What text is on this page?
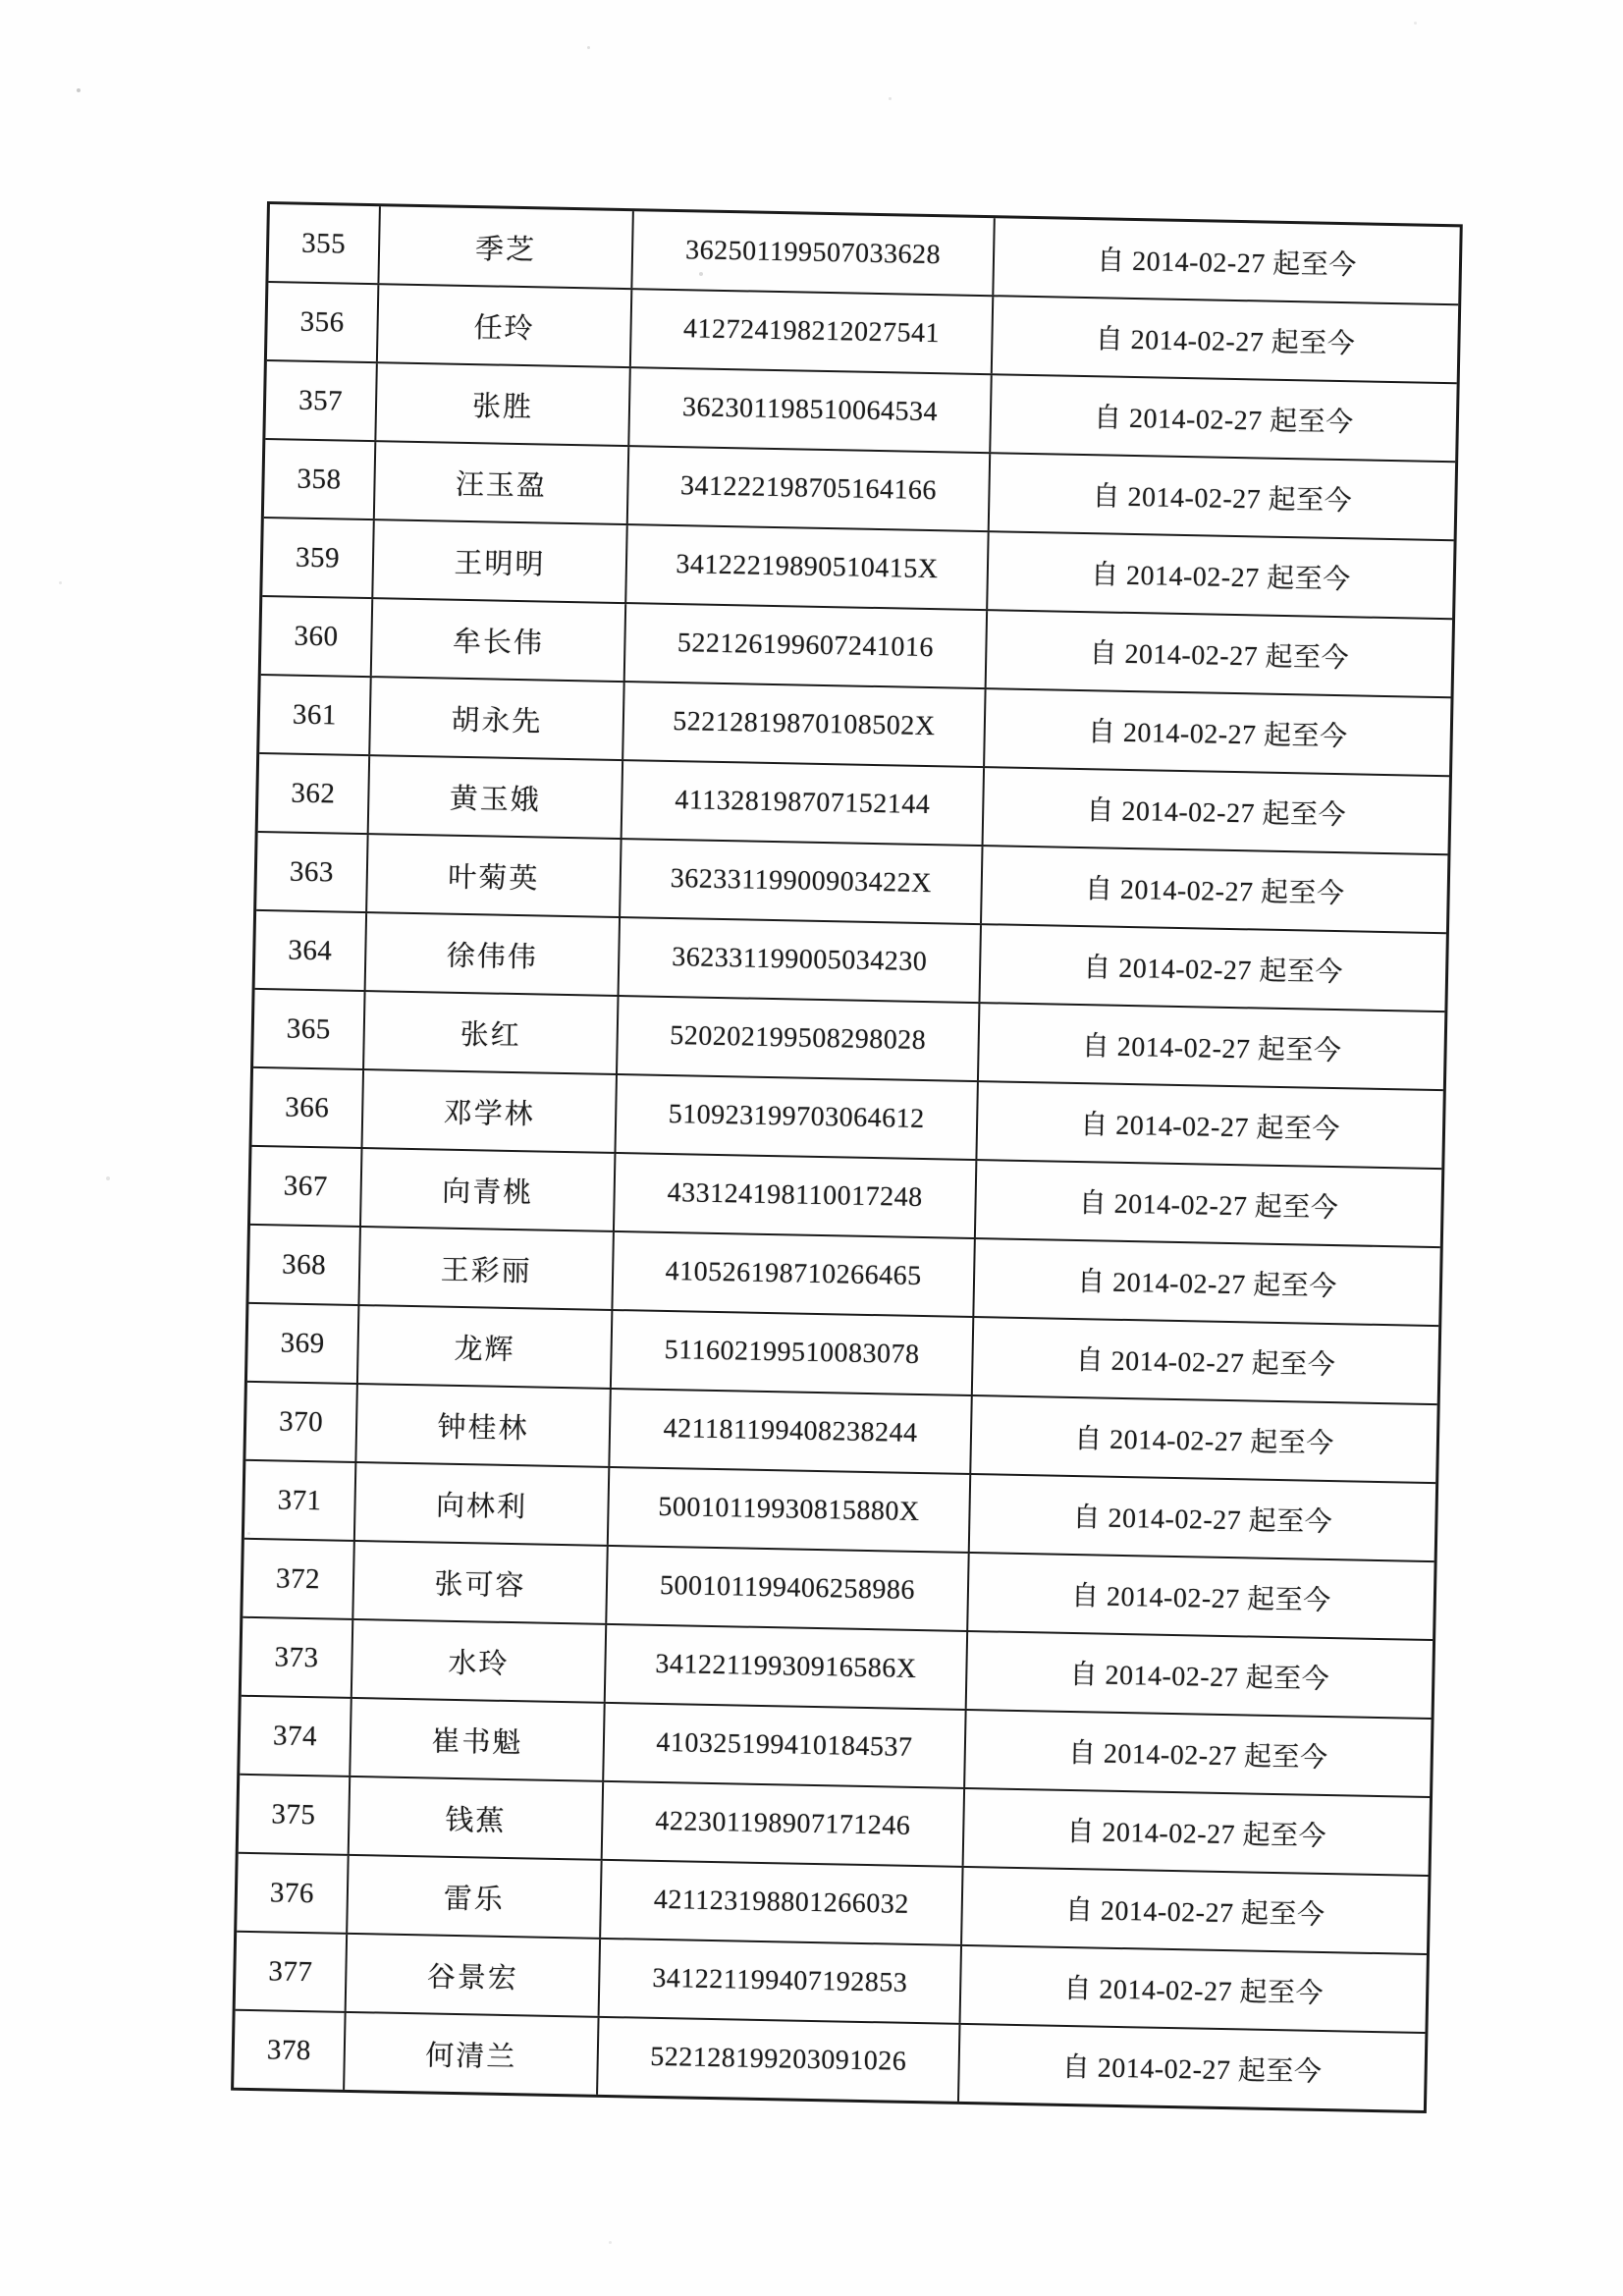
355	季芝	362501199507033628	自 2014-02-27 起至今
356	任玲	412724198212027541	自 2014-02-27 起至今
357	张胜	362301198510064534	自 2014-02-27 起至今
358	汪玉盈	341222198705164166	自 2014-02-27 起至今
359	王明明	34122219890510415X	自 2014-02-27 起至今
360	牟长伟	522126199607241016	自 2014-02-27 起至今
361	胡永先	52212819870108502X	自 2014-02-27 起至今
362	黄玉娥	411328198707152144	自 2014-02-27 起至今
363	叶菊英	36233119900903422X	自 2014-02-27 起至今
364	徐伟伟	362331199005034230	自 2014-02-27 起至今
365	张红	520202199508298028	自 2014-02-27 起至今
366	邓学林	510923199703064612	自 2014-02-27 起至今
367	向青桃	433124198110017248	自 2014-02-27 起至今
368	王彩丽	410526198710266465	自 2014-02-27 起至今
369	龙辉	511602199510083078	自 2014-02-27 起至今
370	钟桂林	421181199408238244	自 2014-02-27 起至今
371	向林利	50010119930815880X	自 2014-02-27 起至今
372	张可容	500101199406258986	自 2014-02-27 起至今
373	水玲	34122119930916586X	自 2014-02-27 起至今
374	崔书魁	410325199410184537	自 2014-02-27 起至今
375	钱蕉	422301198907171246	自 2014-02-27 起至今
376	雷乐	421123198801266032	自 2014-02-27 起至今
377	谷景宏	341221199407192853	自 2014-02-27 起至今
378	何清兰	522128199203091026	自 2014-02-27 起至今
